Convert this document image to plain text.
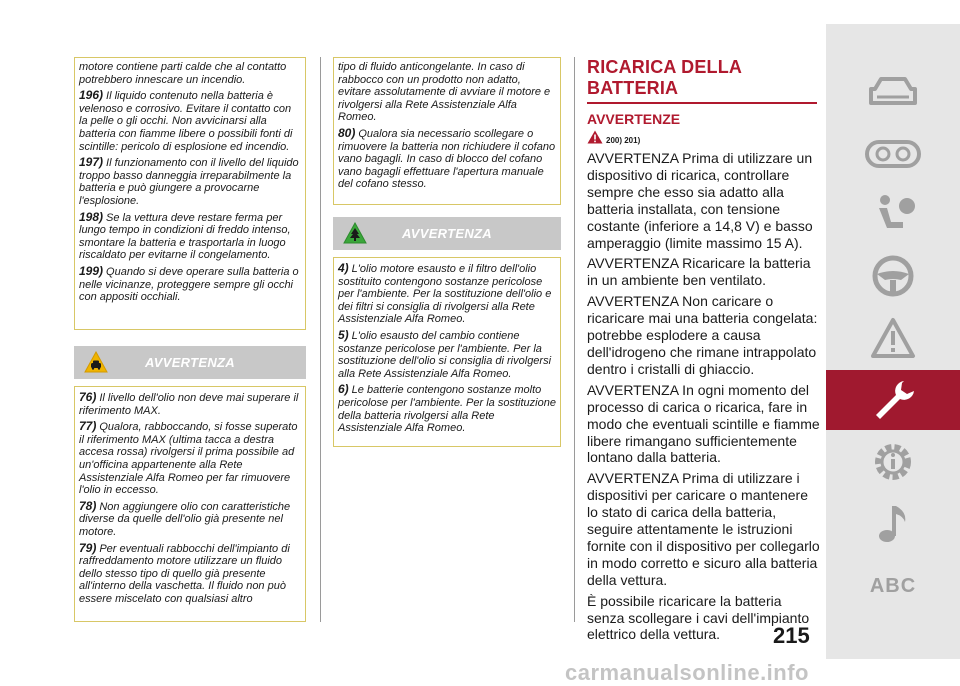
motore contiene parti calde che al contatto potrebbero innescare un incendio.

196) Il liquido contenuto nella batteria è velenoso e corrosivo. Evitare il contatto con la pelle o gli occhi. Non avvicinarsi alla batteria con fiamme libere o possibili fonti di scintille: pericolo di esplosione ed incendio.

197) Il funzionamento con il livello del liquido troppo basso danneggia irreparabilmente la batteria e può giungere a provocarne l'esplosione.

198) Se la vettura deve restare ferma per lungo tempo in condizioni di freddo intenso, smontare la batteria e trasportarla in luogo riscaldato per evitarne il congelamento.

199) Quando si deve operare sulla batteria o nelle vicinanze, proteggere sempre gli occhi con appositi occhiali.

AVVERTENZA

76) Il livello dell'olio non deve mai superare il riferimento MAX.

77) Qualora, rabboccando, si fosse superato il riferimento MAX (ultima tacca a destra accesa rossa) rivolgersi il prima possibile ad un'officina appartenente alla Rete Assistenziale Alfa Romeo per far rimuovere l'olio in eccesso.

78) Non aggiungere olio con caratteristiche diverse da quelle dell'olio già presente nel motore.

79) Per eventuali rabbocchi dell'impianto di raffreddamento motore utilizzare un fluido dello stesso tipo di quello già presente all'interno della vaschetta. Il fluido non può essere miscelato con qualsiasi altro

tipo di fluido anticongelante. In caso di rabbocco con un prodotto non adatto, evitare assolutamente di avviare il motore e rivolgersi alla Rete Assistenziale Alfa Romeo.

80) Qualora sia necessario scollegare o rimuovere la batteria non richiudere il cofano vano bagagli. In caso di blocco del cofano vano bagagli effettuare l'apertura manuale del cofano stesso.

AVVERTENZA

4) L'olio motore esausto e il filtro dell'olio sostituito contengono sostanze pericolose per l'ambiente. Per la sostituzione dell'olio e dei filtri si consiglia di rivolgersi alla Rete Assistenziale Alfa Romeo.

5) L'olio esausto del cambio contiene sostanze pericolose per l'ambiente. Per la sostituzione dell'olio si consiglia di rivolgersi alla Rete Assistenziale Alfa Romeo.

6) Le batterie contengono sostanze molto pericolose per l'ambiente. Per la sostituzione della batteria rivolgersi alla Rete Assistenziale Alfa Romeo.

RICARICA DELLA BATTERIA
AVVERTENZE
200) 201)

AVVERTENZA Prima di utilizzare un dispositivo di ricarica, controllare sempre che esso sia adatto alla batteria installata, con tensione costante (inferiore a 14,8 V) e basso amperaggio (limite massimo 15 A).

AVVERTENZA Ricaricare la batteria in un ambiente ben ventilato.

AVVERTENZA Non caricare o ricaricare mai una batteria congelata: potrebbe esplodere a causa dell'idrogeno che rimane intrappolato dentro i cristalli di ghiaccio.

AVVERTENZA In ogni momento del processo di carica o ricarica, fare in modo che eventuali scintille e fiamme libere rimangano sufficientemente lontano dalla batteria.

AVVERTENZA Prima di utilizzare i dispositivi per caricare o mantenere lo stato di carica della batteria, seguire attentamente le istruzioni fornite con il dispositivo per collegarlo in modo corretto e sicuro alla batteria della vettura.

È possibile ricaricare la batteria senza scollegare i cavi dell'impianto elettrico della vettura.	215
ABC
carmanualsonline.info
